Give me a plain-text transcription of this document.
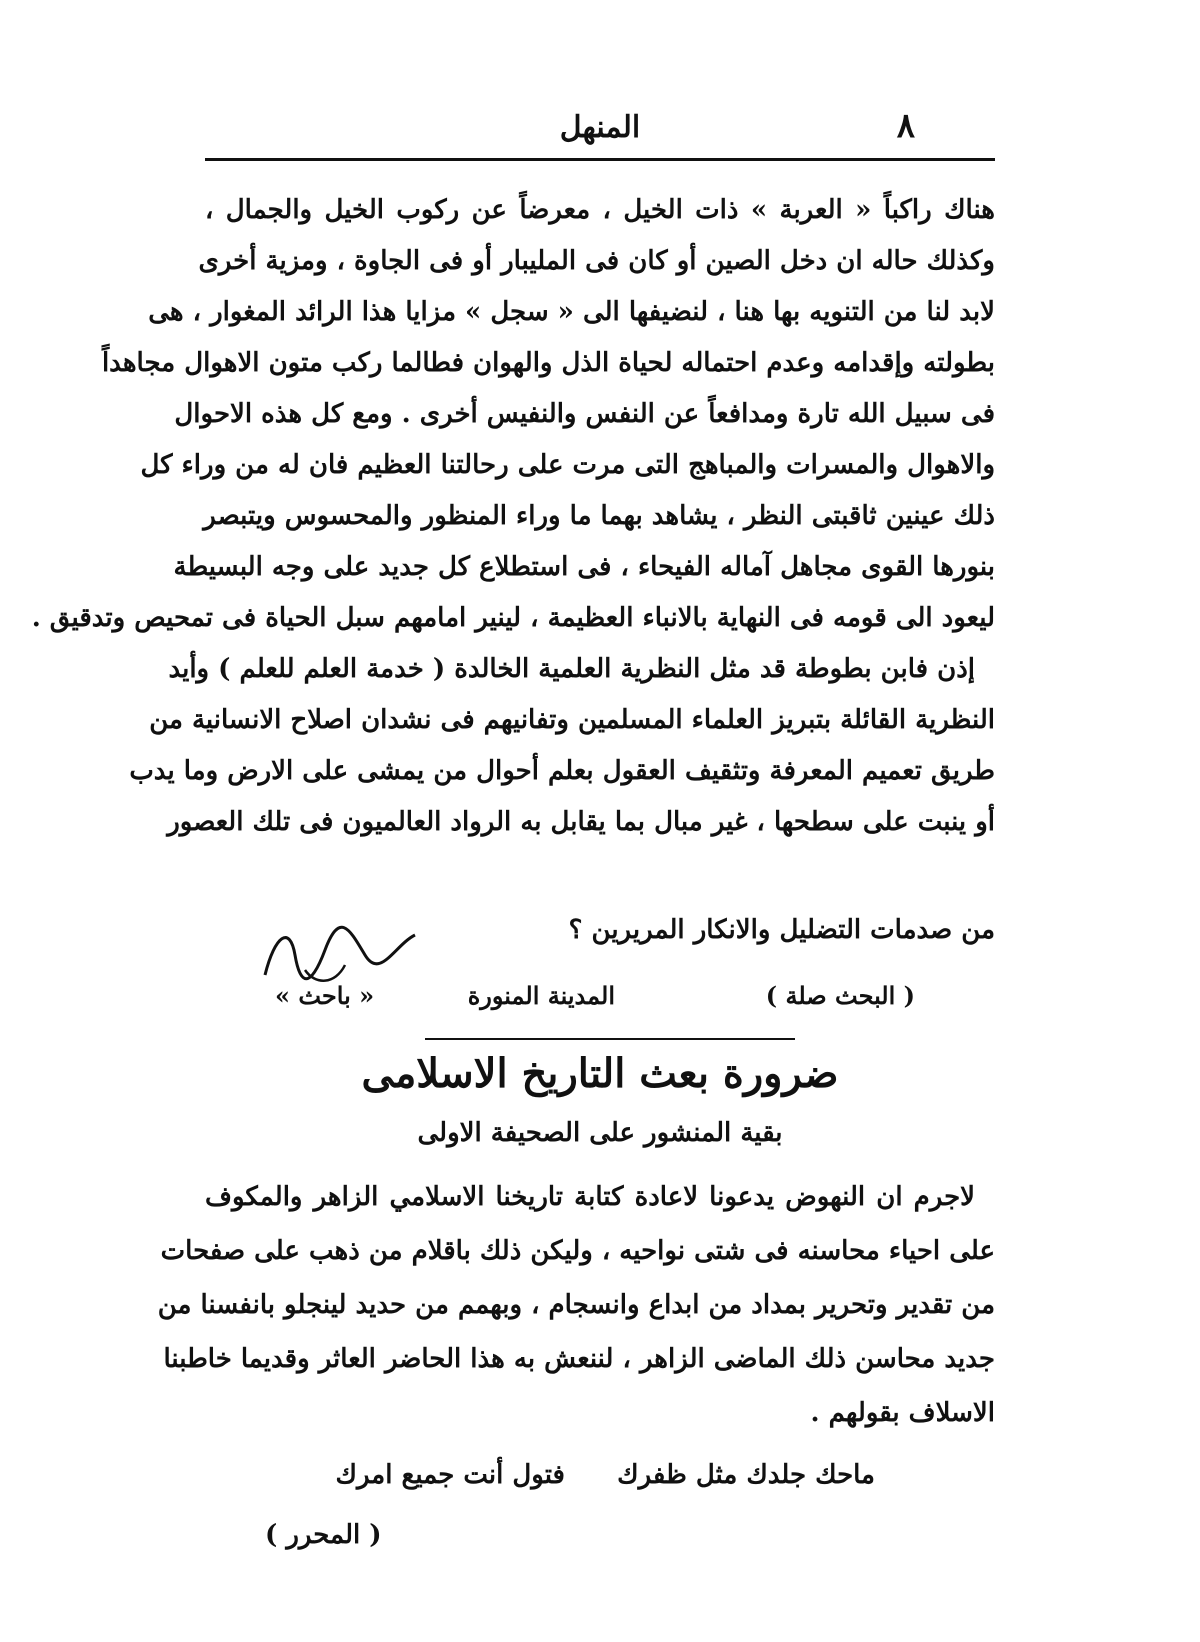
المنهل	٨
هناك راكباً « العربة » ذات الخيل ، معرضاً عن ركوب الخيل والجمال ،
وكذلك حاله ان دخل الصين أو كان فى المليبار أو فى الجاوة ، ومزية أخرى
لابد لنا من التنويه بها هنا ، لنضيفها الى « سجل » مزايا هذا الرائد المغوار ، هى
بطولته وإقدامه وعدم احتماله لحياة الذل والهوان فطالما ركب متون الاهوال مجاهداً
فى سبيل الله تارة ومدافعاً عن النفس والنفيس أخرى . ومع كل هذه الاحوال
والاهوال والمسرات والمباهج التى مرت على رحالتنا العظيم فان له من وراء كل
ذلك عينين ثاقبتى النظر ، يشاهد بهما ما وراء المنظور والمحسوس ويتبصر
بنورها القوى مجاهل آماله الفيحاء ، فى استطلاع كل جديد على وجه البسيطة
ليعود الى قومه فى النهاية بالانباء العظيمة ، لينير امامهم سبل الحياة فى تمحيص وتدقيق .
إذن فابن بطوطة قد مثل النظرية العلمية الخالدة ( خدمة العلم للعلم ) وأيد
النظرية القائلة بتبريز العلماء المسلمين وتفانيهم فى نشدان اصلاح الانسانية من
طريق تعميم المعرفة وتثقيف العقول بعلم أحوال من يمشى على الارض وما يدب
أو ينبت على سطحها ، غير مبال بما يقابل به الرواد العالميون فى تلك العصور
من صدمات التضليل والانكار المريرين ؟
( البحث صلة )
المدينة المنورة
« باحث »
ضرورة بعث التاريخ الاسلامى
بقية المنشور على الصحيفة الاولى
لاجرم ان النهوض يدعونا لاعادة كتابة تاريخنا الاسلامي الزاهر والمكوف
على احياء محاسنه فى شتى نواحيه ، وليكن ذلك باقلام من ذهب على صفحات
من تقدير وتحرير بمداد من ابداع وانسجام ، وبهمم من حديد لينجلو بانفسنا من
جديد محاسن ذلك الماضى الزاهر ، لننعش به هذا الحاضر العاثر وقديما خاطبنا
الاسلاف بقولهم .
ماحك جلدك مثل ظفرك
فتول أنت جميع امرك
( المحرر )
